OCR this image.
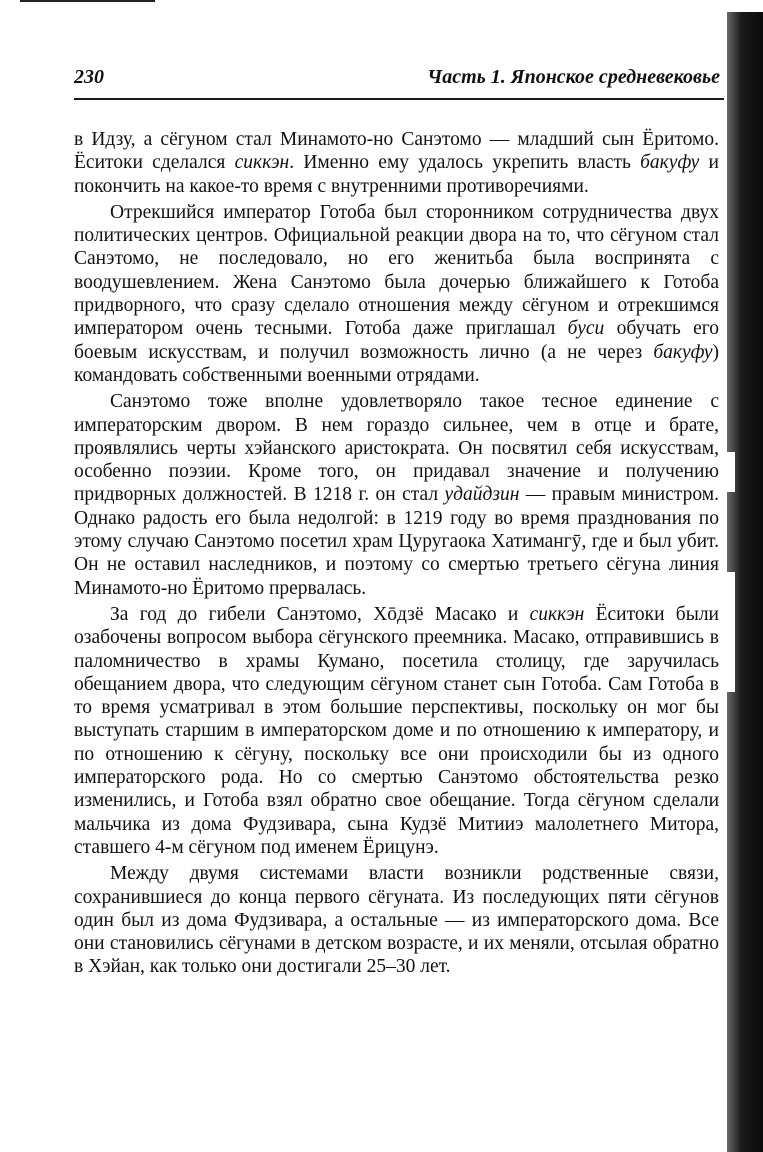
230	Часть 1. Японское средневековье

в Идзу, а сёгуном стал Минамото-но Санэтомо — младший сын Ёритомо. Ёситоки сделался сиккэн. Именно ему удалось укрепить власть бакуфу и покончить на какое-то время с внутренними противоречиями.

Отрекшийся император Готоба был сторонником сотрудничества двух политических центров. Официальной реакции двора на то, что сёгуном стал Санэтомо, не последовало, но его женитьба была воспринята с воодушевлением. Жена Санэтомо была дочерью ближайшего к Готоба придворного, что сразу сделало отношения между сёгуном и отрекшимся императором очень тесными. Готоба даже приглашал буси обучать его боевым искусствам, и получил возможность лично (а не через бакуфу) командовать собственными военными отрядами.

Санэтомо тоже вполне удовлетворяло такое тесное единение с императорским двором. В нем гораздо сильнее, чем в отце и брате, проявлялись черты хэйанского аристократа. Он посвятил себя искусствам, особенно поэзии. Кроме того, он придавал значение и получению придворных должностей. В 1218 г. он стал удайдзин — правым министром. Однако радость его была недолгой: в 1219 году во время празднования по этому случаю Санэтомо посетил храм Цуругаока Хатимангӯ, где и был убит. Он не оставил наследников, и поэтому со смертью третьего сёгуна линия Минамото-но Ёритомо прервалась.

За год до гибели Санэтомо, Хōдзё Масако и сиккэн Ёситоки были озабочены вопросом выбора сёгунского преемника. Масако, отправившись в паломничество в храмы Кумано, посетила столицу, где заручилась обещанием двора, что следующим сёгуном станет сын Готоба. Сам Готоба в то время усматривал в этом большие перспективы, поскольку он мог бы выступать старшим в императорском доме и по отношению к императору, и по отношению к сёгуну, поскольку все они происходили бы из одного императорского рода. Но со смертью Санэтомо обстоятельства резко изменились, и Готоба взял обратно свое обещание. Тогда сёгуном сделали мальчика из дома Фудзивара, сына Кудзё Митииэ малолетнего Митора, ставшего 4-м сёгуном под именем Ёрицунэ.

Между двумя системами власти возникли родственные связи, сохранившиеся до конца первого сёгуната. Из последующих пяти сёгунов один был из дома Фудзивара, а остальные — из императорского дома. Все они становились сёгунами в детском возрасте, и их меняли, отсылая обратно в Хэйан, как только они достигали 25–30 лет.
